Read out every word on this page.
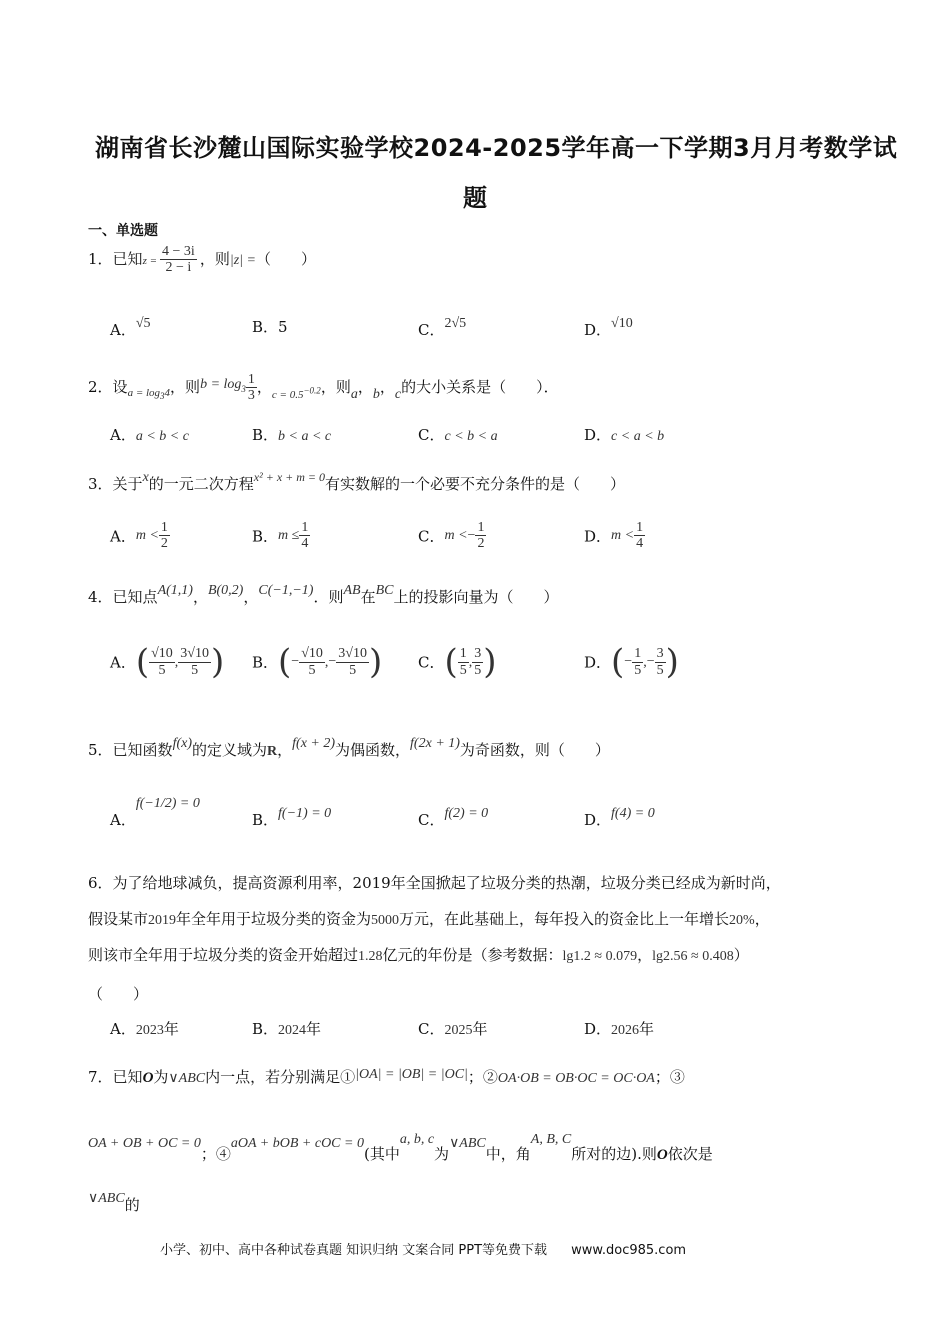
湖南省长沙麓山国际实验学校2024-2025学年高一下学期3月月考数学试
题
一、单选题
1．已知$z = \frac{4 - 3i}{2 - i}$ ，则|z| =（　　）
A．√5	B．5	C．2√5	D．√10
2．设$_{a = log_34}$，则$b = \log_3 \frac{1}{3}$ ，$_{c = 0.5^{-0.2}}$，则a，b，c的大小关系是（　　）．
A．a < b < c	B．b < a < c	C．c < b < a	D．c < a < b
3．关于x的一元二次方程$^{x^2 + x + m = 0}$有实数解的一个必要不充分条件的是（　　）
A．$m < \frac{1}{2}$	B．$m \le \frac{1}{4}$	C．$m <- \frac{1}{2}$	D．$m < \frac{1}{4}$
4．已知点A(1,1)，B(0,2)，C(−1,−1)．则AB在BC上的投影向量为（　　）
A．( $\frac{√10}{5}$ , $\frac{3√10}{5}$ ) B．(− $\frac{√10}{5}$ ,− $\frac{3√10}{5}$ ) C．( $\frac{1}{5}$ , $\frac{3}{5}$ )	D．(− $\frac{1}{5}$ ,− $\frac{3}{5}$ )
5．已知函数f(x)的定义域为R，f(x + 2)为偶函数，f(2x + 1)为奇函数，则（　　）
A．f(−1/2) = 0
B．f(−1) = 0	C．f(2) = 0	D．f(4) = 0
6．为了给地球减负，提高资源利用率，2019年全国掀起了垃圾分类的热潮，垃圾分类已经成为新时尚，
假设某市2019年全年用于垃圾分类的资金为5000万元，在此基础上，每年投入的资金比上一年增长20%，
则该市全年用于垃圾分类的资金开始超过1.28亿元的年份是（参考数据：lg1.2 ≈ 0.079，lg2.56 ≈ 0.408）
（　　）
A．2023年	B．2024年	C．2025年	D．2026年
7．已知O为∨ABC内一点，若分别满足①|OA| = |OB| = |OC|；②OA·OB = OB·OC = OC·OA；③
OA + OB + OC = 0；④aOA + bOB + cOC = 0(其中a, b, c为∨ABC中，角A, B, C所对的边).则O依次是
∨ABC的
小学、初中、高中各种试卷真题 知识归纳 文案合同 PPT等免费下载 www.doc985.com
